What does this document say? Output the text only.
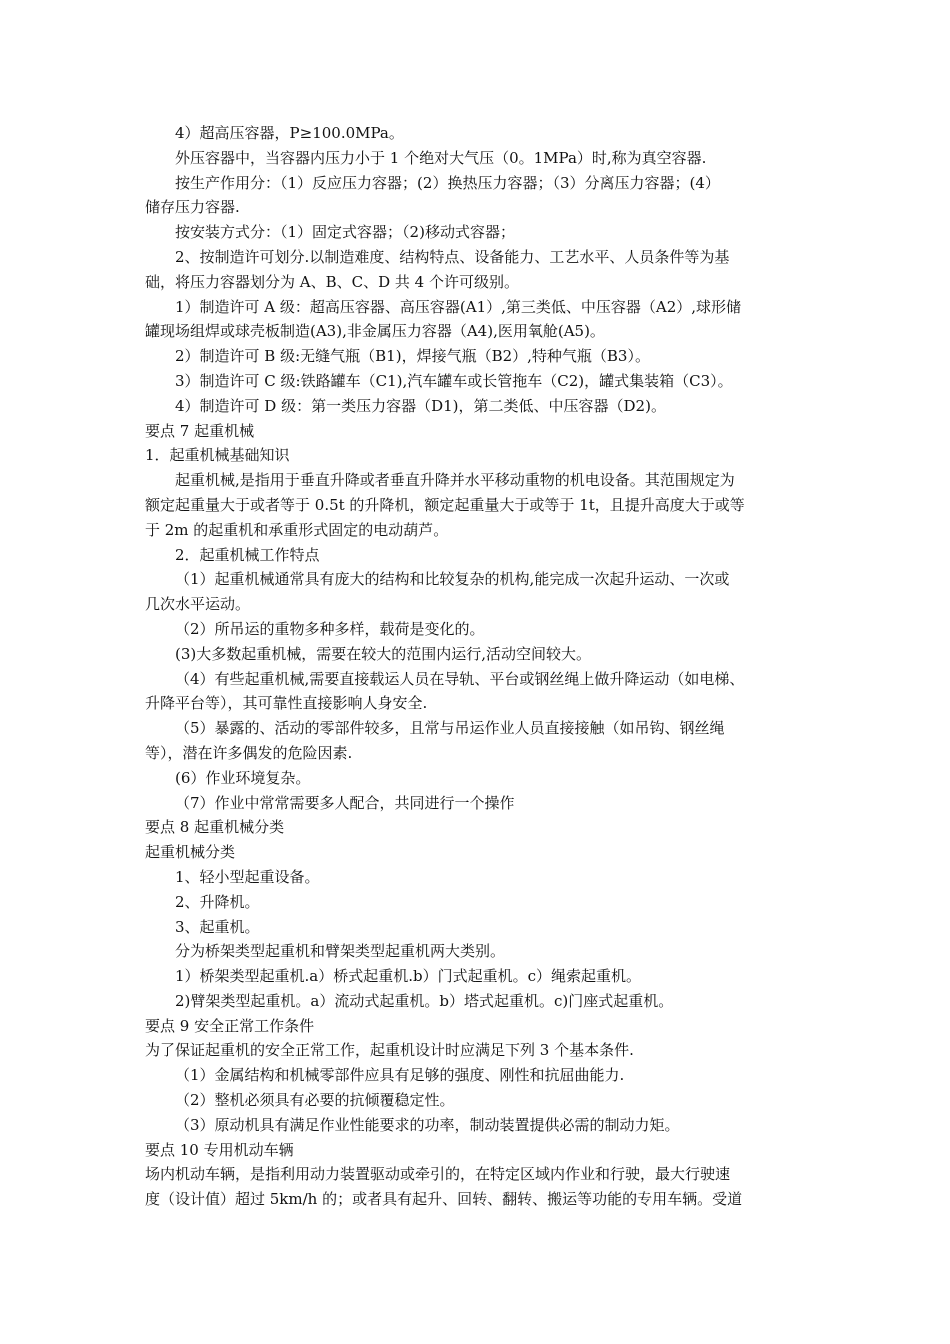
4）超高压容器，P≥100.0MPa。

外压容器中，当容器内压力小于 1 个绝对大气压（0。1MPa）时,称为真空容器.

按生产作用分：（1）反应压力容器；(2）换热压力容器；（3）分离压力容器；(4）

储存压力容器.

按安装方式分：（1）固定式容器；（2)移动式容器；

2、按制造许可划分.以制造难度、结构特点、设备能力、工艺水平、人员条件等为基

础，将压力容器划分为 A、B、C、D 共 4 个许可级别。

1）制造许可 A 级：超高压容器、高压容器(A1）,第三类低、中压容器（A2）,球形储

罐现场组焊或球壳板制造(A3),非金属压力容器（A4),医用氧舱(A5)。

2）制造许可 B 级:无缝气瓶（B1)，焊接气瓶（B2）,特种气瓶（B3）。

3）制造许可 C 级:铁路罐车（C1),汽车罐车或长管拖车（C2)，罐式集装箱（C3）。

4）制造许可 D 级：第一类压力容器（D1)，第二类低、中压容器（D2)。

要点 7 起重机械

1．起重机械基础知识

起重机械,是指用于垂直升降或者垂直升降并水平移动重物的机电设备。其范围规定为

额定起重量大于或者等于 0.5t 的升降机，额定起重量大于或等于 1t，且提升高度大于或等

于 2m 的起重机和承重形式固定的电动葫芦。

2．起重机械工作特点

（1）起重机械通常具有庞大的结构和比较复杂的机构,能完成一次起升运动、一次或

几次水平运动。

（2）所吊运的重物多种多样，载荷是变化的。

(3)大多数起重机械，需要在较大的范围内运行,活动空间较大。

（4）有些起重机械,需要直接载运人员在导轨、平台或钢丝绳上做升降运动（如电梯、

升降平台等），其可靠性直接影响人身安全.

（5）暴露的、活动的零部件较多，且常与吊运作业人员直接接触（如吊钩、钢丝绳

等），潜在许多偶发的危险因素.

(6）作业环境复杂。

（7）作业中常常需要多人配合，共同进行一个操作

要点 8 起重机械分类

起重机械分类

1、轻小型起重设备。

2、升降机。

3、起重机。

分为桥架类型起重机和臂架类型起重机两大类别。

1）桥架类型起重机.a）桥式起重机.b）门式起重机。c）绳索起重机。

2)臂架类型起重机。a）流动式起重机。b）塔式起重机。c)门座式起重机。

要点 9 安全正常工作条件

为了保证起重机的安全正常工作，起重机设计时应满足下列 3 个基本条件.

（1）金属结构和机械零部件应具有足够的强度、刚性和抗屈曲能力.

（2）整机必须具有必要的抗倾覆稳定性。

（3）原动机具有满足作业性能要求的功率，制动装置提供必需的制动力矩。

要点 10 专用机动车辆

场内机动车辆，是指利用动力装置驱动或牵引的，在特定区域内作业和行驶，最大行驶速

度（设计值）超过 5km/h 的；或者具有起升、回转、翻转、搬运等功能的专用车辆。受道
